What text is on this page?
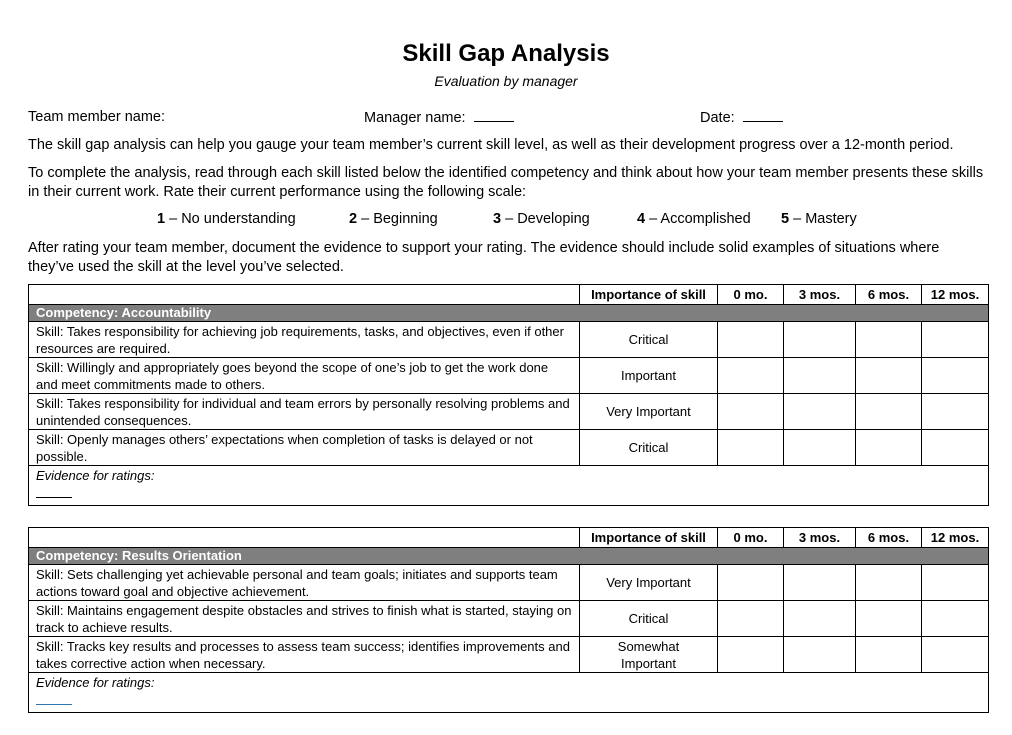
Skill Gap Analysis
Evaluation by manager
Team member name:	Manager name:	Date:
The skill gap analysis can help you gauge your team member’s current skill level, as well as their development progress over a 12-month period.
To complete the analysis, read through each skill listed below the identified competency and think about how your team member presents these skills in their current work. Rate their current performance using the following scale:
1 – No understanding	2 – Beginning	3 – Developing	4 – Accomplished 5 – Mastery
After rating your team member, document the evidence to support your rating. The evidence should include solid examples of situations where they’ve used the skill at the level you’ve selected.
	Importance of skill	0 mo.	3 mos.	6 mos.	12 mos.
Competency: Accountability					
Skill: Takes responsibility for achieving job requirements, tasks, and objectives, even if other resources are required.	Critical				
Skill: Willingly and appropriately goes beyond the scope of one’s job to get the work done and meet commitments made to others.	Important				
Skill: Takes responsibility for individual and team errors by personally resolving problems and unintended consequences.	Very Important				
Skill: Openly manages others’ expectations when completion of tasks is delayed or not possible.	Critical				

Evidence for ratings:					
	Importance of skill	0 mo.	3 mos.	6 mos.	12 mos.
Competency: Results Orientation					
Skill: Sets challenging yet achievable personal and team goals; initiates and supports team actions toward goal and objective achievement.	Very Important				
Skill: Maintains engagement despite obstacles and strives to finish what is started, staying on track to achieve results.	Critical				
Skill: Tracks key results and processes to assess team success; identifies improvements and takes corrective action when necessary.	Somewhat Important				

Evidence for ratings:					
